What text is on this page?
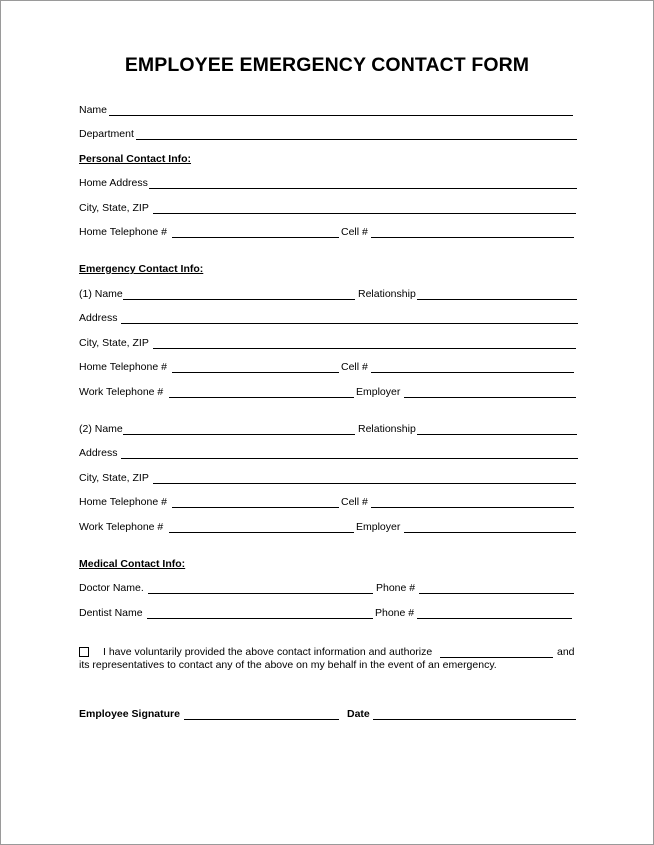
EMPLOYEE EMERGENCY CONTACT FORM
Name
Department
Personal Contact Info:
Home Address
City, State, ZIP
Home Telephone #	Cell #
Emergency Contact Info:
(1) Name	Relationship
Address
City, State, ZIP
Home Telephone #	Cell #
Work Telephone #	Employer
(2) Name	Relationship
Address
City, State, ZIP
Home Telephone #	Cell #
Work Telephone #	Employer
Medical Contact Info:
Doctor Name.	Phone #
Dentist Name	Phone #
I have voluntarily provided the above contact information and authorize	and
its representatives to contact any of the above on my behalf in the event of an emergency.
Employee Signature	Date
